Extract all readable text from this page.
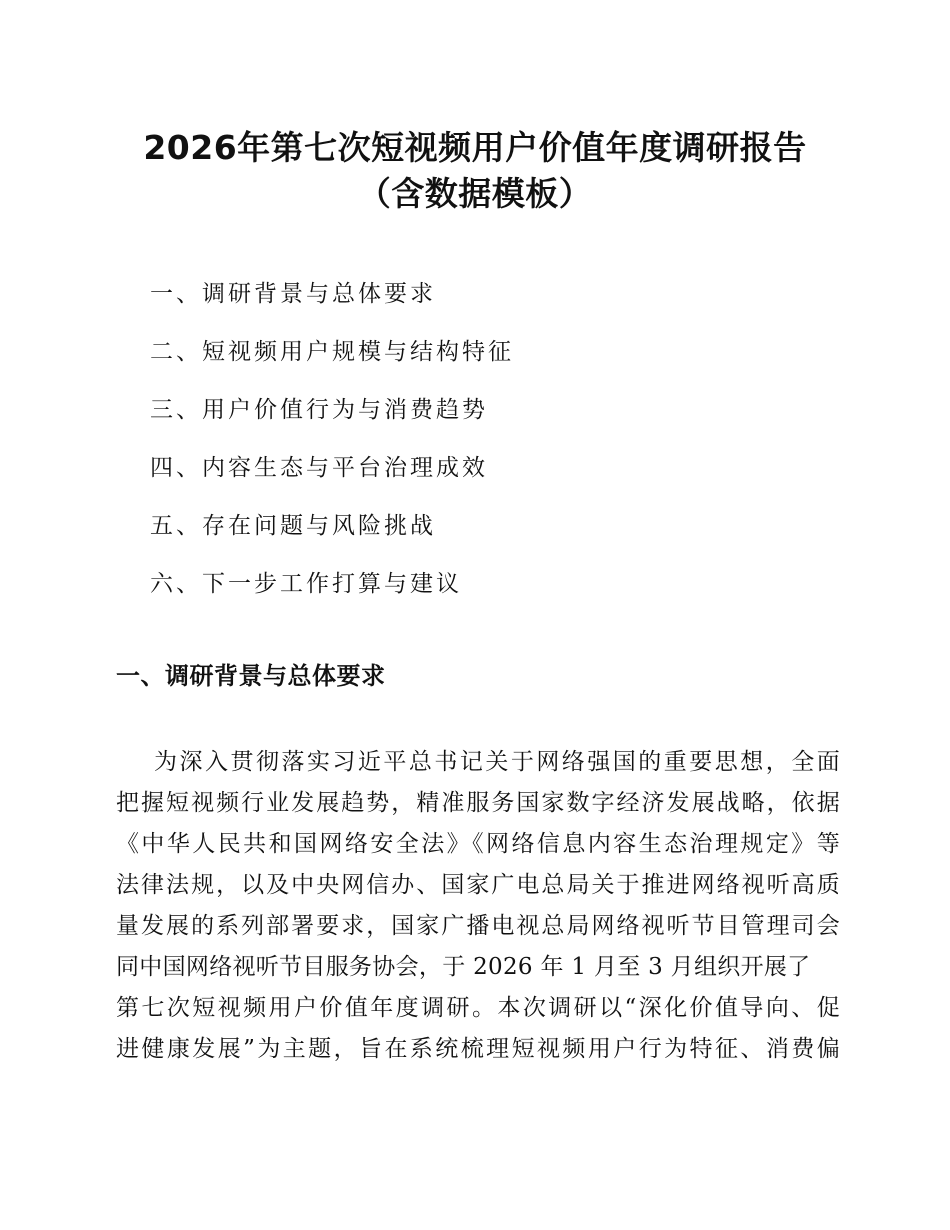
2026年第七次短视频用户价值年度调研报告
（含数据模板）
一、调研背景与总体要求
二、短视频用户规模与结构特征
三、用户价值行为与消费趋势
四、内容生态与平台治理成效
五、存在问题与风险挑战
六、下一步工作打算与建议
一、调研背景与总体要求
为深入贯彻落实习近平总书记关于网络强国的重要思想，全面
把握短视频行业发展趋势，精准服务国家数字经济发展战略，依据
《中华人民共和国网络安全法》《网络信息内容生态治理规定》等
法律法规，以及中央网信办、国家广电总局关于推进网络视听高质
量发展的系列部署要求，国家广播电视总局网络视听节目管理司会
同中国网络视听节目服务协会，于 2026 年 1 月至 3 月组织开展了
第七次短视频用户价值年度调研。本次调研以“深化价值导向、促
进健康发展”为主题，旨在系统梳理短视频用户行为特征、消费偏
